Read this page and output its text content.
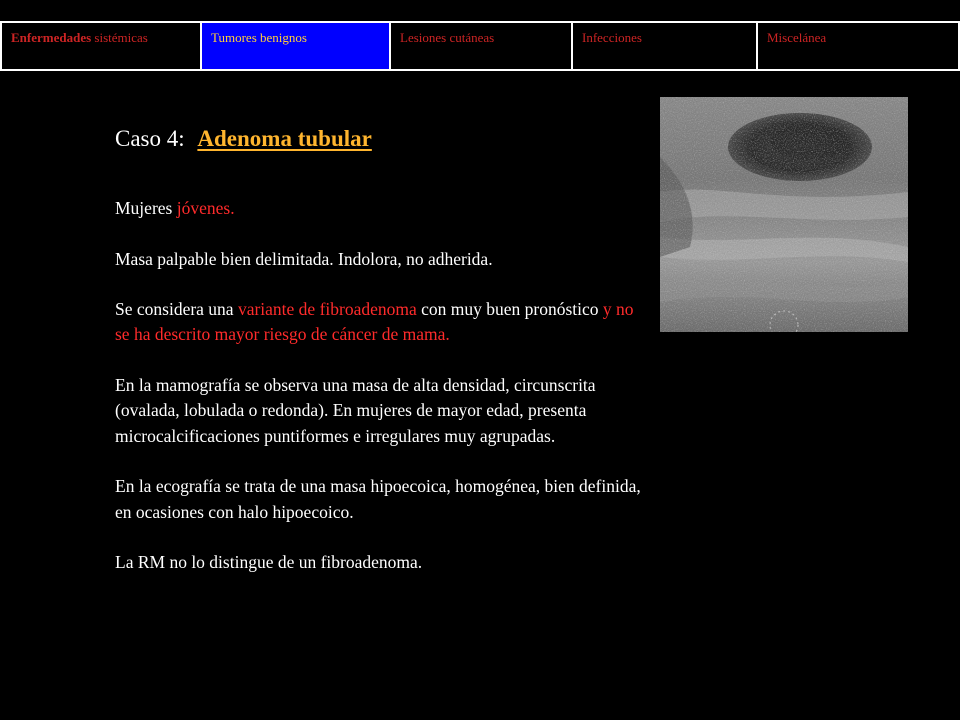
Enfermedades sistémicas	Tumores benignos	Lesiones cutáneas	Infecciones	Miscelánea
Caso 4: Adenoma tubular

Mujeres jóvenes.

Masa palpable bien delimitada. Indolora, no adherida.

Se considera una variante de fibroadenoma con muy buen pronóstico y no se ha descrito mayor riesgo de cáncer de mama.

En la mamografía se observa una masa de alta densidad, circunscrita (ovalada, lobulada o redonda). En mujeres de mayor edad, presenta microcalcificaciones puntiformes e irregulares muy agrupadas.

En la ecografía se trata de una masa hipoecoica, homogénea, bien definida, en ocasiones con halo hipoecoico.

La RM no lo distingue de un fibroadenoma.
